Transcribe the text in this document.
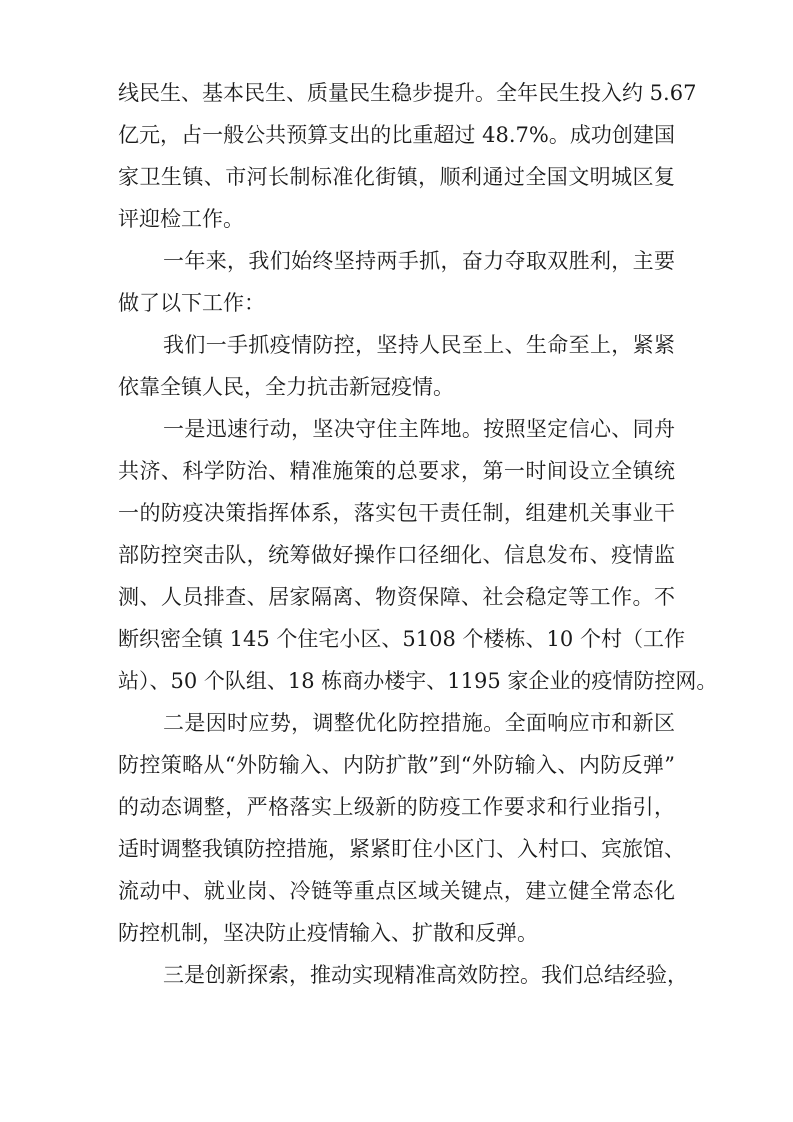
线民生、基本民生、质量民生稳步提升。全年民生投入约 5.67
亿元，占一般公共预算支出的比重超过 48.7%。成功创建国
家卫生镇、市河长制标准化街镇，顺利通过全国文明城区复
评迎检工作。
一年来，我们始终坚持两手抓，奋力夺取双胜利，主要
做了以下工作：
我们一手抓疫情防控，坚持人民至上、生命至上，紧紧
依靠全镇人民，全力抗击新冠疫情。
一是迅速行动，坚决守住主阵地。按照坚定信心、同舟
共济、科学防治、精准施策的总要求，第一时间设立全镇统
一的防疫决策指挥体系，落实包干责任制，组建机关事业干
部防控突击队，统筹做好操作口径细化、信息发布、疫情监
测、人员排查、居家隔离、物资保障、社会稳定等工作。不
断织密全镇 145 个住宅小区、5108 个楼栋、10 个村（工作
站）、50 个队组、18 栋商办楼宇、1195 家企业的疫情防控网。
二是因时应势，调整优化防控措施。全面响应市和新区
防控策略从“外防输入、内防扩散”到“外防输入、内防反弹”
的动态调整，严格落实上级新的防疫工作要求和行业指引，
适时调整我镇防控措施，紧紧盯住小区门、入村口、宾旅馆、
流动中、就业岗、冷链等重点区域关键点，建立健全常态化
防控机制，坚决防止疫情输入、扩散和反弹。
三是创新探索，推动实现精准高效防控。我们总结经验，
